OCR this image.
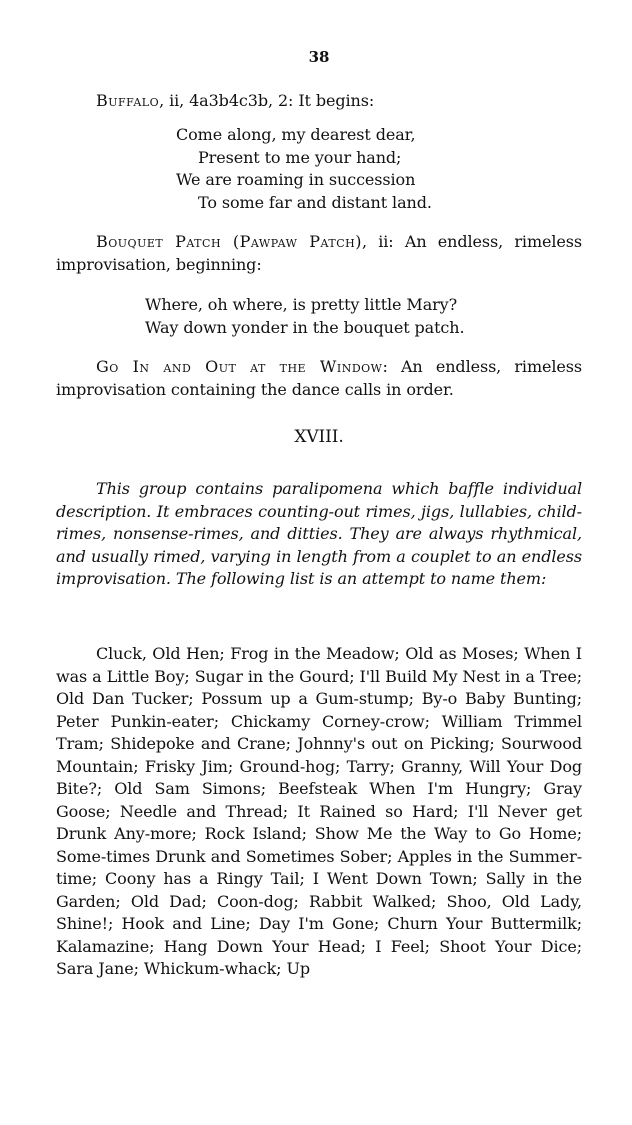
38
Buffalo, ii, 4a3b4c3b, 2: It begins:
Come along, my dearest dear,
Present to me your hand;
We are roaming in succession
To some far and distant land.
Bouquet Patch (Pawpaw Patch), ii: An endless, rimeless improvisation, beginning:
Where, oh where, is pretty little Mary?
Way down yonder in the bouquet patch.
Go In and Out at the Window: An endless, rimeless improvisation containing the dance calls in order.
XVIII.
This group contains paralipomena which baffle individual description. It embraces counting-out rimes, jigs, lullabies, child-rimes, nonsense-rimes, and ditties. They are always rhythmical, and usually rimed, varying in length from a couplet to an endless improvisation. The following list is an attempt to name them:
Cluck, Old Hen; Frog in the Meadow; Old as Moses; When I was a Little Boy; Sugar in the Gourd; I'll Build My Nest in a Tree; Old Dan Tucker; Possum up a Gum-stump; By-o Baby Bunting; Peter Punkin-eater; Chickamy Corney-crow; William Trimmel Tram; Shidepoke and Crane; Johnny's out on Picking; Sourwood Mountain; Frisky Jim; Ground-hog; Tarry; Granny, Will Your Dog Bite?; Old Sam Simons; Beefsteak When I'm Hungry; Gray Goose; Needle and Thread; It Rained so Hard; I'll Never get Drunk Any-more; Rock Island; Show Me the Way to Go Home; Some-times Drunk and Sometimes Sober; Apples in the Summer-time; Coony has a Ringy Tail; I Went Down Town; Sally in the Garden; Old Dad; Coon-dog; Rabbit Walked; Shoo, Old Lady, Shine!; Hook and Line; Day I'm Gone; Churn Your Buttermilk; Kalamazine; Hang Down Your Head; I Feel; Shoot Your Dice; Sara Jane; Whickum-whack; Up
